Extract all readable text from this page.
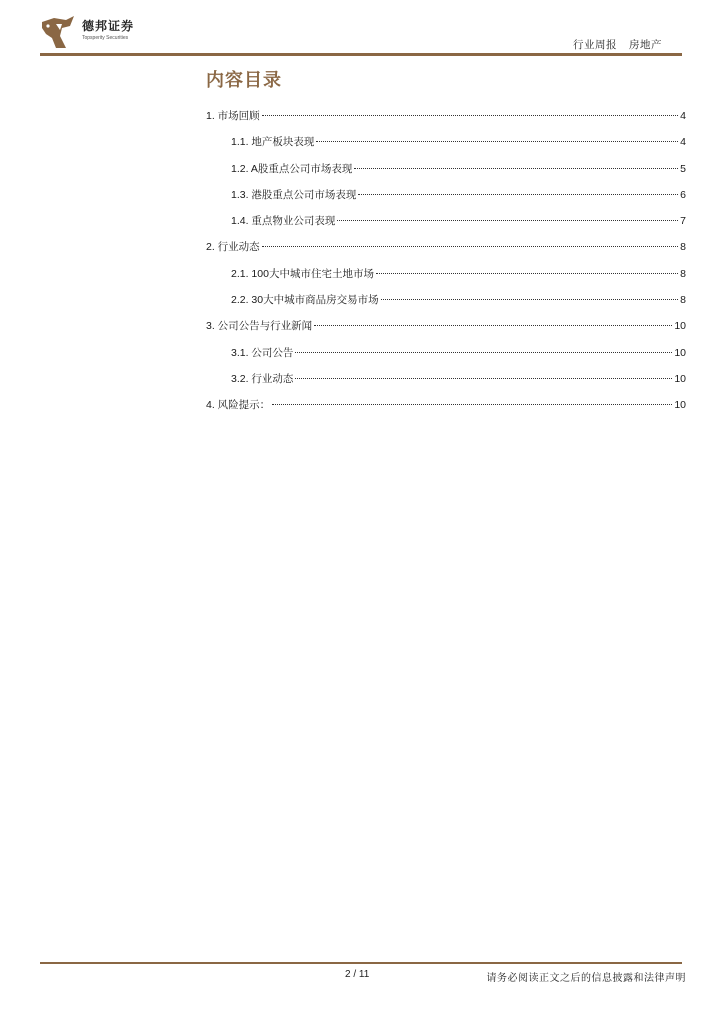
德邦证券
Topsperity Securities
行业周报 房地产
内容目录
1. 市场回顾	4
1.1. 地产板块表现	4
1.2. A股重点公司市场表现	5
1.3. 港股重点公司市场表现	6
1.4. 重点物业公司表现	7
2. 行业动态	8
2.1. 100大中城市住宅土地市场	8
2.2. 30大中城市商品房交易市场	8
3. 公司公告与行业新闻	10
3.1. 公司公告	10
3.2. 行业动态	10
4. 风险提示：	10
2 / 11	请务必阅读正文之后的信息披露和法律声明
